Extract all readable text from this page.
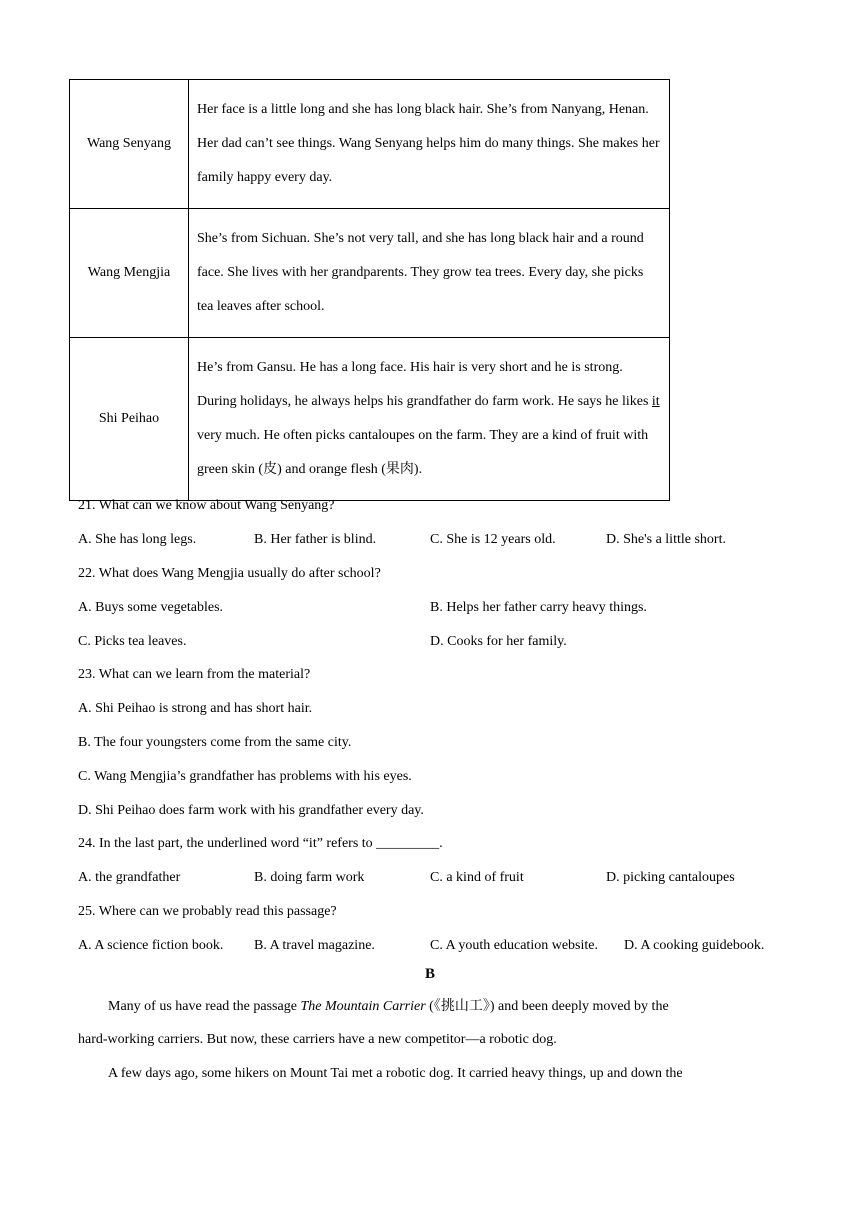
Wang Senyang	Her face is a little long and she has long black hair. She’s from Nanyang, Henan. Her dad can’t see things. Wang Senyang helps him do many things. She makes her family happy every day.
Wang Mengjia	She’s from Sichuan. She’s not very tall, and she has long black hair and a round face. She lives with her grandparents. They grow tea trees. Every day, she picks tea leaves after school.
Shi Peihao	He’s from Gansu. He has a long face. His hair is very short and he is strong. During holidays, he always helps his grandfather do farm work. He says he likes it very much. He often picks cantaloupes on the farm. They are a kind of fruit with green skin (皮) and orange flesh (果肉).
21. What can we know about Wang Senyang?
A. She has long legs.	B. Her father is blind.	C. She is 12 years old.	D. She's a little short.
22. What does Wang Mengjia usually do after school?
A. Buys some vegetables.	B. Helps her father carry heavy things.
C. Picks tea leaves.	D. Cooks for her family.
23. What can we learn from the material?
A. Shi Peihao is strong and has short hair.
B. The four youngsters come from the same city.
C. Wang Mengjia’s grandfather has problems with his eyes.
D. Shi Peihao does farm work with his grandfather every day.
24. In the last part, the underlined word “it” refers to _________.
A. the grandfather	B. doing farm work	C. a kind of fruit	D. picking cantaloupes
25. Where can we probably read this passage?
A. A science fiction book. B. A travel magazine.	C. A youth education website. D. A cooking guidebook.
B
Many of us have read the passage The Mountain Carrier (《挑山工》) and been deeply moved by the
hard-working carriers. But now, these carriers have a new competitor—a robotic dog.
A few days ago, some hikers on Mount Tai met a robotic dog. It carried heavy things, up and down the
